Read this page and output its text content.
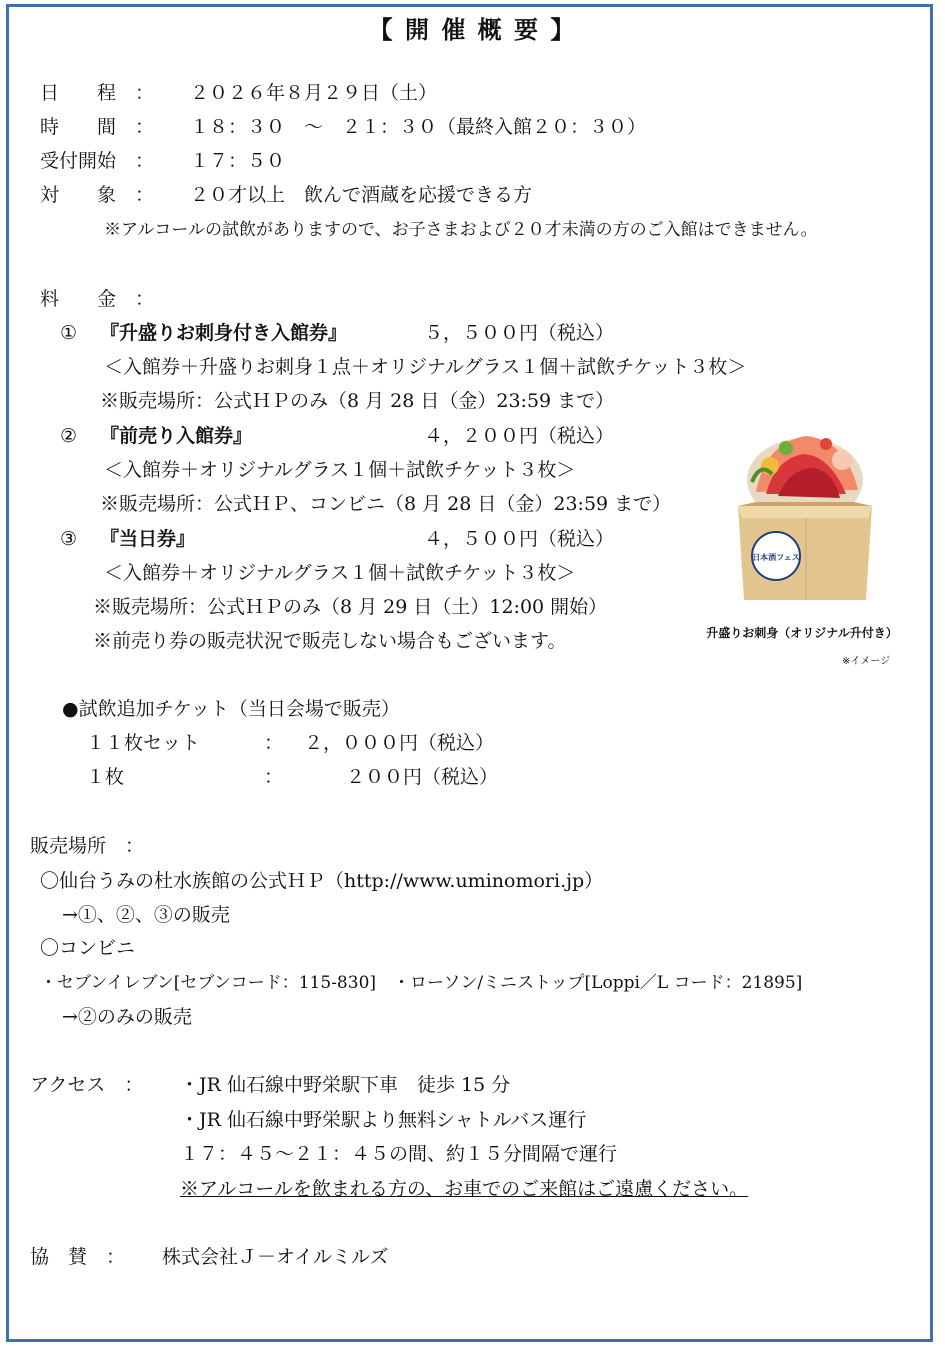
【 開 催 概 要 】
日　　程　： ２０２６年８月２９日（土）
時　　間　： １８：３０　～　２１：３０（最終入館２０：３０）
受付開始　： １７：５０
対　　象　： ２０才以上　飲んで酒蔵を応援できる方
※アルコールの試飲がありますので、お子さまおよび２０才未満の方のご入館はできません。
料　　金　：
① 『升盛りお刺身付き入館券』	５，５００円（税込）
＜入館券＋升盛りお刺身１点＋オリジナルグラス１個＋試飲チケット３枚＞
※販売場所：公式ＨＰのみ（8 月 28 日（金）23:59 まで）
② 『前売り入館券』	４，２００円（税込）
＜入館券＋オリジナルグラス１個＋試飲チケット３枚＞
※販売場所：公式ＨＰ、コンビニ（8 月 28 日（金）23:59 まで）
③ 『当日券』	４，５００円（税込）
＜入館券＋オリジナルグラス１個＋試飲チケット３枚＞
※販売場所：公式ＨＰのみ（8 月 29 日（土）12:00 開始）
※前売り券の販売状況で販売しない場合もございます。
日本酒フェス
升盛りお刺身（オリジナル升付き）
※イメージ
●試飲追加チケット（当日会場で販売）
１１枚セット	： ２，０００円（税込）
１枚	：	２００円（税込）
販売場所　：
〇仙台うみの杜水族館の公式ＨＰ（http://www.uminomori.jp）
→①、②、③の販売
〇コンビニ
・セブンイレブン[セブンコード：115-830]　・ローソン/ミニストップ[Loppi／L コード：21895]
→②のみの販売
アクセス　： ・JR 仙石線中野栄駅下車　徒歩 15 分
・JR 仙石線中野栄駅より無料シャトルバス運行
１７：４５～２１：４５の間、約１５分間隔で運行
※アルコールを飲まれる方の、お車でのご来館はご遠慮ください。
協　賛　： 株式会社Ｊ－オイルミルズ
